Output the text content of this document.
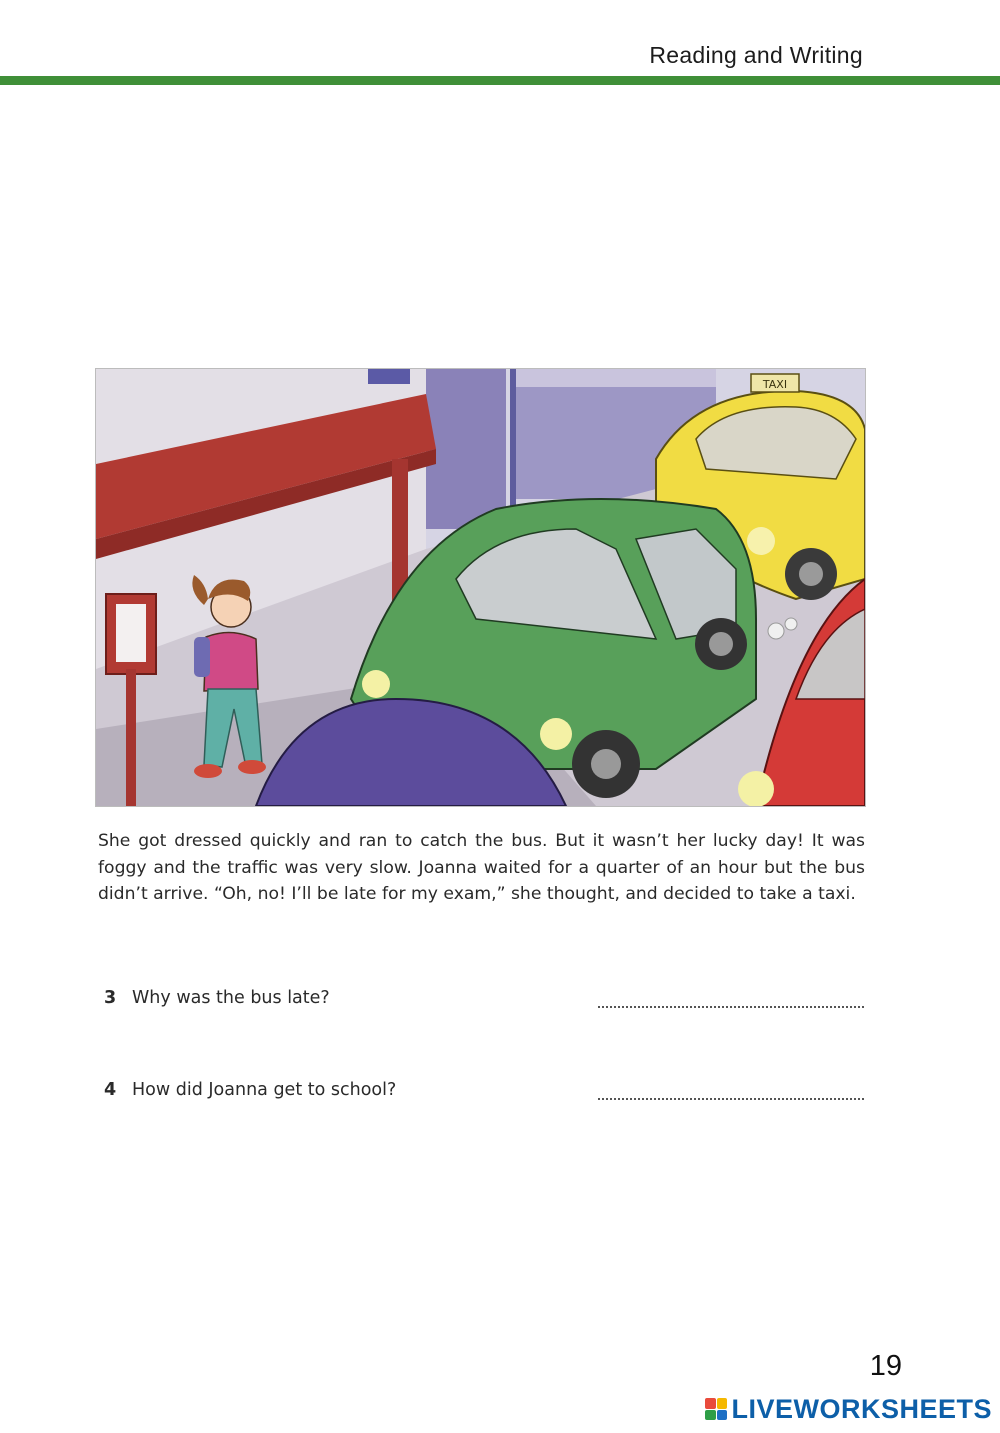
Reading and Writing
TAXI

She got dressed quickly and ran to catch the bus. But it wasn’t her lucky day! It was foggy and the traffic was very slow. Joanna waited for a quarter of an hour but the bus didn’t arrive. “Oh, no! I’ll be late for my exam,” she thought, and decided to take a taxi.

3 Why was the bus late?
4 How did Joanna get to school?
19
LIVEWORKSHEETS
